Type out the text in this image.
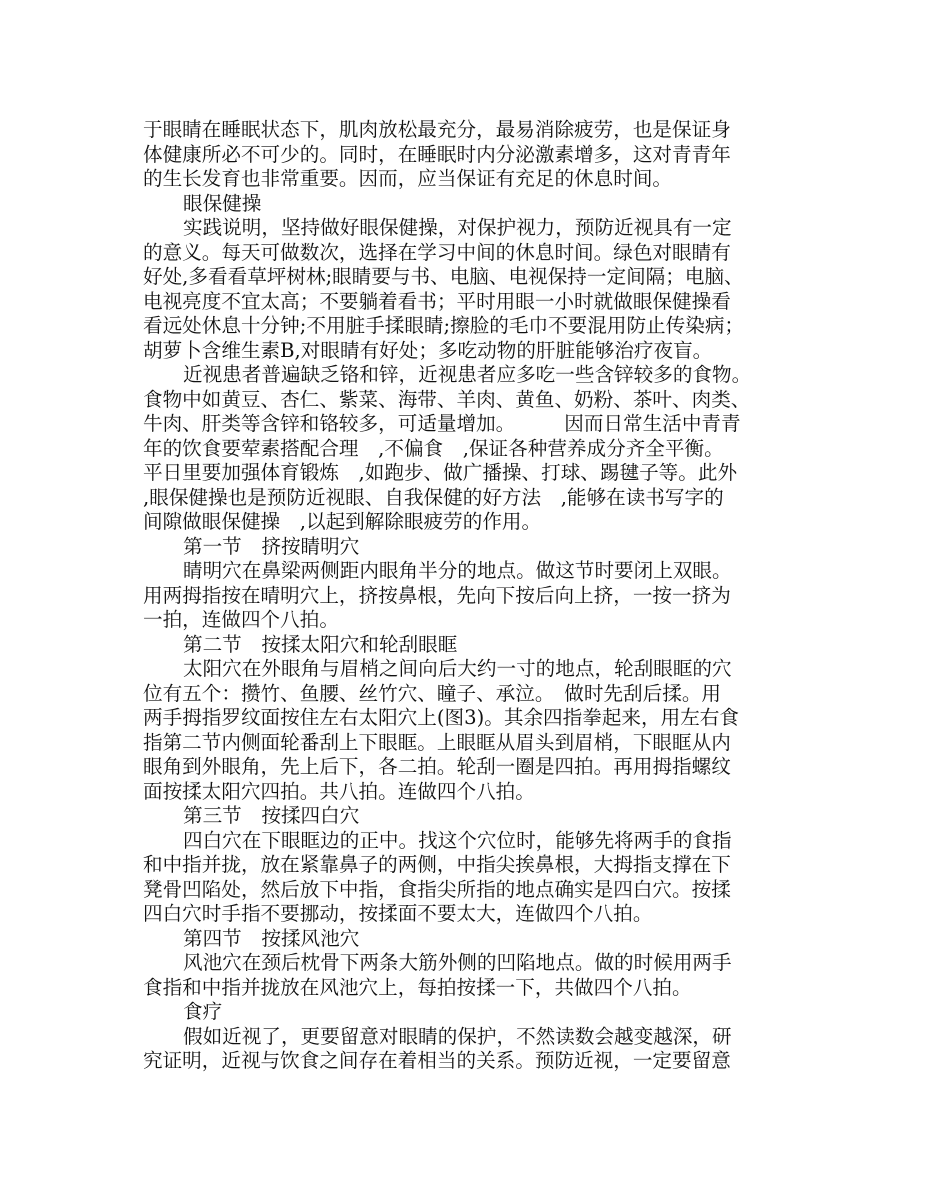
于眼睛在睡眠状态下，肌肉放松最充分，最易消除疲劳，也是保证身

体健康所必不可少的。同时，在睡眠时内分泌激素增多，这对青青年

的生长发育也非常重要。因而，应当保证有充足的休息时间。

眼保健操

实践说明，坚持做好眼保健操，对保护视力，预防近视具有一定

的意义。每天可做数次，选择在学习中间的休息时间。绿色对眼睛有

好处,多看看草坪树林;眼睛要与书、电脑、电视保持一定间隔；电脑、

电视亮度不宜太高；不要躺着看书；平时用眼一小时就做眼保健操看

看远处休息十分钟;不用脏手揉眼睛;擦脸的毛巾不要混用防止传染病；

胡萝卜含维生素B,对眼睛有好处；多吃动物的肝脏能够治疗夜盲。

近视患者普遍缺乏铬和锌，近视患者应多吃一些含锌较多的食物。

食物中如黄豆、杏仁、紫菜、海带、羊肉、黄鱼、奶粉、茶叶、肉类、

牛肉、肝类等含锌和铬较多，可适量增加。　　　因而日常生活中青青

年的饮食要荤素搭配合理　,不偏食　,保证各种营养成分齐全平衡。

平日里要加强体育锻炼　,如跑步、做广播操、打球、踢毽子等。此外

,眼保健操也是预防近视眼、自我保健的好方法　,能够在读书写字的

间隙做眼保健操　,以起到解除眼疲劳的作用。

第一节　挤按睛明穴

睛明穴在鼻梁两侧距内眼角半分的地点。做这节时要闭上双眼。

用两拇指按在晴明穴上，挤按鼻根，先向下按后向上挤，一按一挤为

一拍，连做四个八拍。

第二节　按揉太阳穴和轮刮眼眶

太阳穴在外眼角与眉梢之间向后大约一寸的地点，轮刮眼眶的穴

位有五个：攒竹、鱼腰、丝竹穴、瞳子、承泣。　做时先刮后揉。用

两手拇指罗纹面按住左右太阳穴上(图3)。其余四指拳起来，用左右食

指第二节内侧面轮番刮上下眼眶。上眼眶从眉头到眉梢，下眼眶从内

眼角到外眼角，先上后下，各二拍。轮刮一圈是四拍。再用拇指螺纹

面按揉太阳穴四拍。共八拍。连做四个八拍。

第三节　按揉四白穴

四白穴在下眼眶边的正中。找这个穴位时，能够先将两手的食指

和中指并拢，放在紧靠鼻子的两侧，中指尖挨鼻根，大拇指支撑在下

凳骨凹陷处，然后放下中指，食指尖所指的地点确实是四白穴。按揉

四白穴时手指不要挪动，按揉面不要太大，连做四个八拍。

第四节　按揉风池穴

风池穴在颈后枕骨下两条大筋外侧的凹陷地点。做的时候用两手

食指和中指并拢放在风池穴上，每拍按揉一下，共做四个八拍。

食疗

假如近视了，更要留意对眼睛的保护，不然读数会越变越深，研

究证明，近视与饮食之间存在着相当的关系。预防近视，一定要留意
